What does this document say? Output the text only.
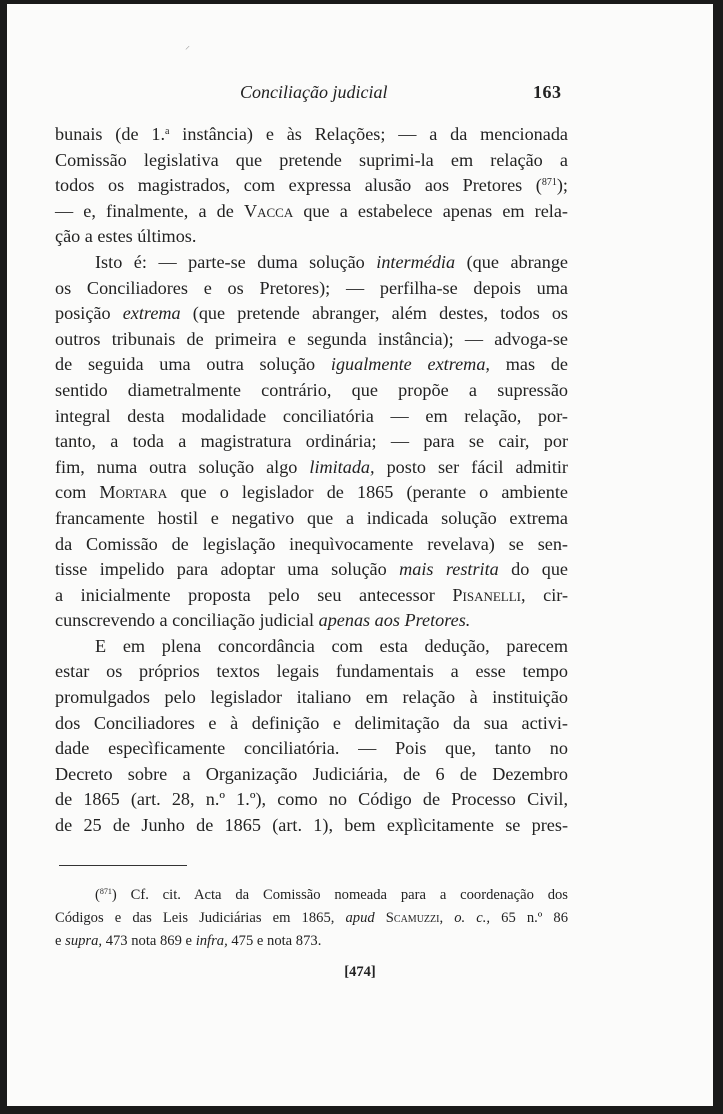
⸍
Conciliação judicial	163
bunais (de 1.$^a$ instância) e às Relações; — a da mencionada
Comissão legislativa que pretende suprimi-la em relação a
todos os magistrados, com expressa alusão aos Pretores ($^{871}$);
— e, finalmente, a de Vacca que a estabelece apenas em rela-
ção a estes últimos.
Isto é: — parte-se duma solução intermédia (que abrange
os Conciliadores e os Pretores); — perfilha-se depois uma
posição extrema (que pretende abranger, além destes, todos os
outros tribunais de primeira e segunda instância); — advoga-se
de seguida uma outra solução igualmente extrema, mas de
sentido diametralmente contrário, que propõe a supressão
integral desta modalidade conciliatória — em relação, por-
tanto, a toda a magistratura ordinária; — para se cair, por
fim, numa outra solução algo limitada, posto ser fácil admitir
com Mortara que o legislador de 1865 (perante o ambiente
francamente hostil e negativo que a indicada solução extrema
da Comissão de legislação inequìvocamente revelava) se sen-
tisse impelido para adoptar uma solução mais restrita do que
a inicialmente proposta pelo seu antecessor Pisanelli, cir-
cunscrevendo a conciliação judicial apenas aos Pretores.
E em plena concordância com esta dedução, parecem
estar os próprios textos legais fundamentais a esse tempo
promulgados pelo legislador italiano em relação à instituição
dos Conciliadores e à definição e delimitação da sua activi-
dade especìficamente conciliatória. — Pois que, tanto no
Decreto sobre a Organização Judiciária, de 6 de Dezembro
de 1865 (art. 28, n.º 1.º), como no Código de Processo Civil,
de 25 de Junho de 1865 (art. 1), bem explìcitamente se pres-
($^{871}$) Cf. cit. Acta da Comissão nomeada para a coordenação dos
Códigos e das Leis Judiciárias em 1865, apud Scamuzzi, o. c., 65 n.º 86
e supra, 473 nota 869 e infra, 475 e nota 873.
[474]
